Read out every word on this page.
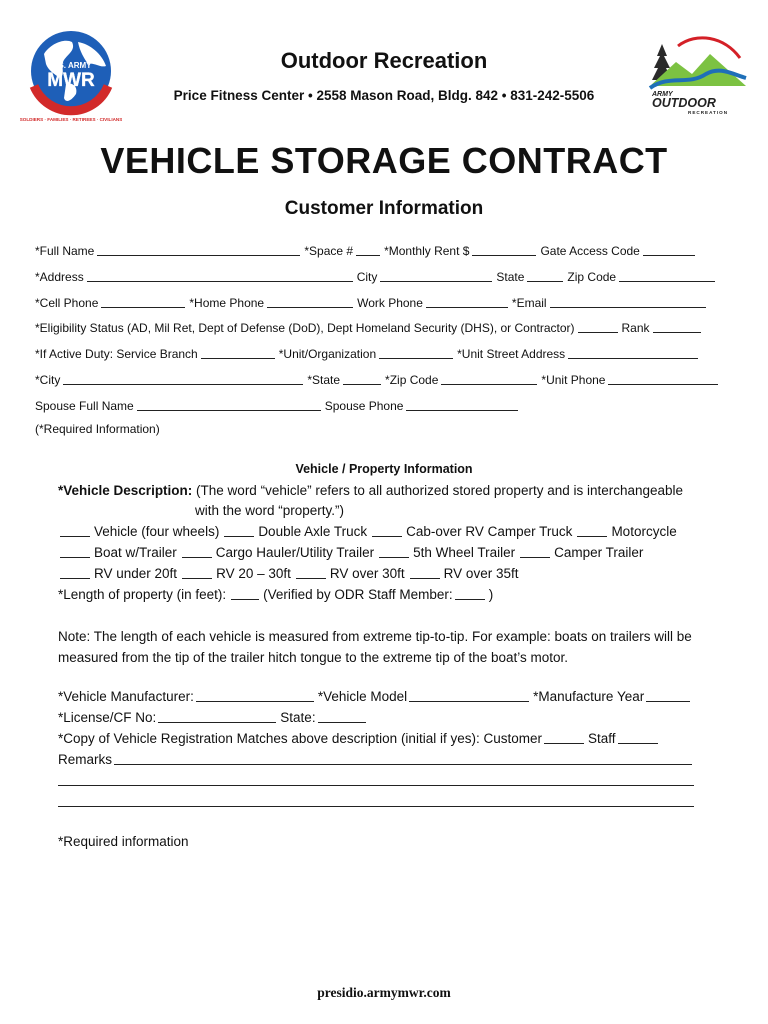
U.S. ARMY
MWR
SOLDIERS · FAMILIES · RETIREES · CIVILIANS
ARMY
OUTDOOR
RECREATION
Outdoor Recreation
Price Fitness Center • 2558 Mason Road, Bldg. 842 • 831-242-5506
VEHICLE STORAGE CONTRACT
Customer Information
*Full Name	*Space #	*Monthly Rent $	Gate Access Code
*Address	City	State	Zip Code
*Cell Phone	*Home Phone	Work Phone	*Email
*Eligibility Status (AD, Mil Ret, Dept of Defense (DoD), Dept Homeland Security (DHS), or Contractor)	Rank
*If Active Duty: Service Branch	*Unit/Organization	*Unit Street Address
*City	*State	*Zip Code	*Unit Phone
Spouse Full Name	Spouse Phone
(*Required Information)
Vehicle / Property Information
*Vehicle Description: (The word “vehicle” refers to all authorized stored property and is interchangeable
with the word “property.”)
Vehicle (four wheels)	Double Axle Truck	Cab-over RV Camper Truck	Motorcycle
Boat w/Trailer	Cargo Hauler/Utility Trailer	5th Wheel Trailer	Camper Trailer
RV under 20ft	RV 20 – 30ft	RV over 30ft	RV over 35ft
*Length of property (in feet):	(Verified by ODR Staff Member:	)
Note: The length of each vehicle is measured from extreme tip-to-tip. For example: boats on trailers will be measured from the tip of the trailer hitch tongue to the extreme tip of the boat’s motor.
*Vehicle Manufacturer:	*Vehicle Model	*Manufacture Year
*License/CF No:	State:
*Copy of Vehicle Registration Matches above description (initial if yes): Customer	Staff
Remarks
*Required information
presidio.armymwr.com
